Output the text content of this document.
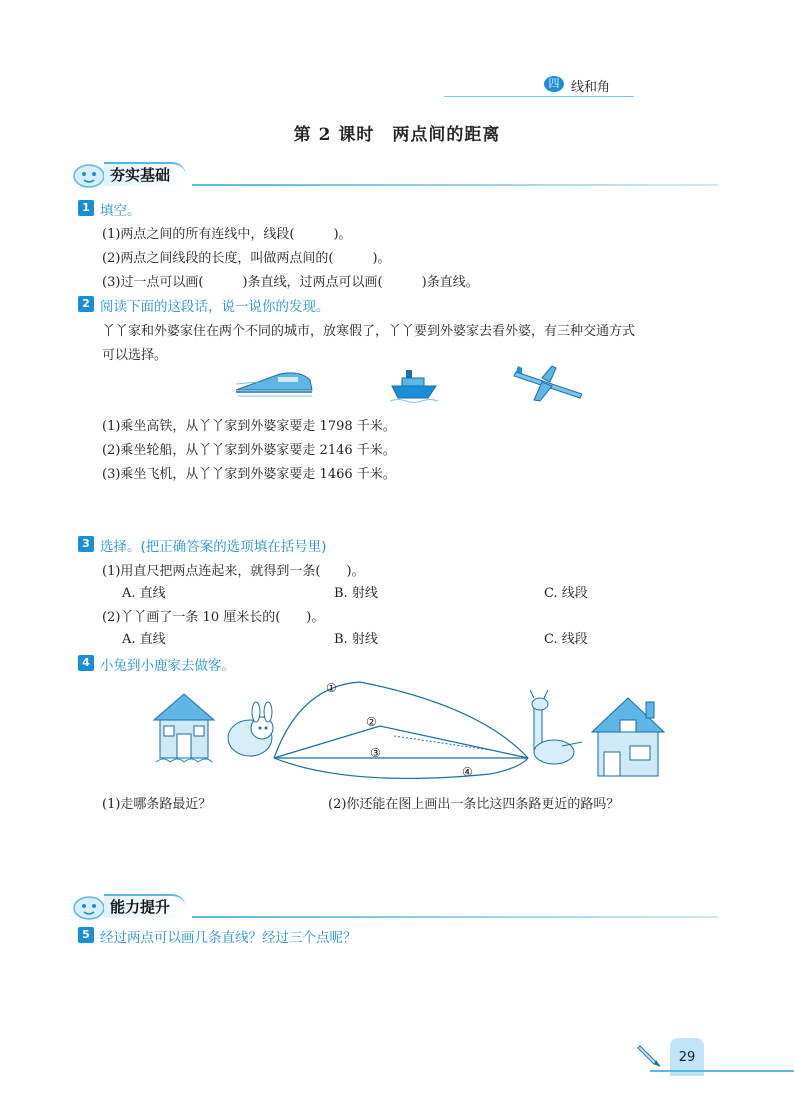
四 线和角
第 2 课时　两点间的距离
夯实基础
1 填空。
(1)两点之间的所有连线中，线段(　　　)。
(2)两点之间线段的长度，叫做两点间的(　　　)。
(3)过一点可以画(　　　)条直线，过两点可以画(　　　)条直线。
2 阅读下面的这段话，说一说你的发现。
丫丫家和外婆家住在两个不同的城市，放寒假了，丫丫要到外婆家去看外婆，有三种交通方式
可以选择。
(1)乘坐高铁，从丫丫家到外婆家要走 1798 千米。
(2)乘坐轮船，从丫丫家到外婆家要走 2146 千米。
(3)乘坐飞机，从丫丫家到外婆家要走 1466 千米。
3 选择。(把正确答案的选项填在括号里)
(1)用直尺把两点连起来，就得到一条(　　)。
A. 直线	B. 射线	C. 线段
(2)丫丫画了一条 10 厘米长的(　　)。
A. 直线	B. 射线	C. 线段
4 小兔到小鹿家去做客。
①
②
③
④
(1)走哪条路最近？	(2)你还能在图上画出一条比这四条路更近的路吗？
能力提升
5 经过两点可以画几条直线？经过三个点呢？
29
